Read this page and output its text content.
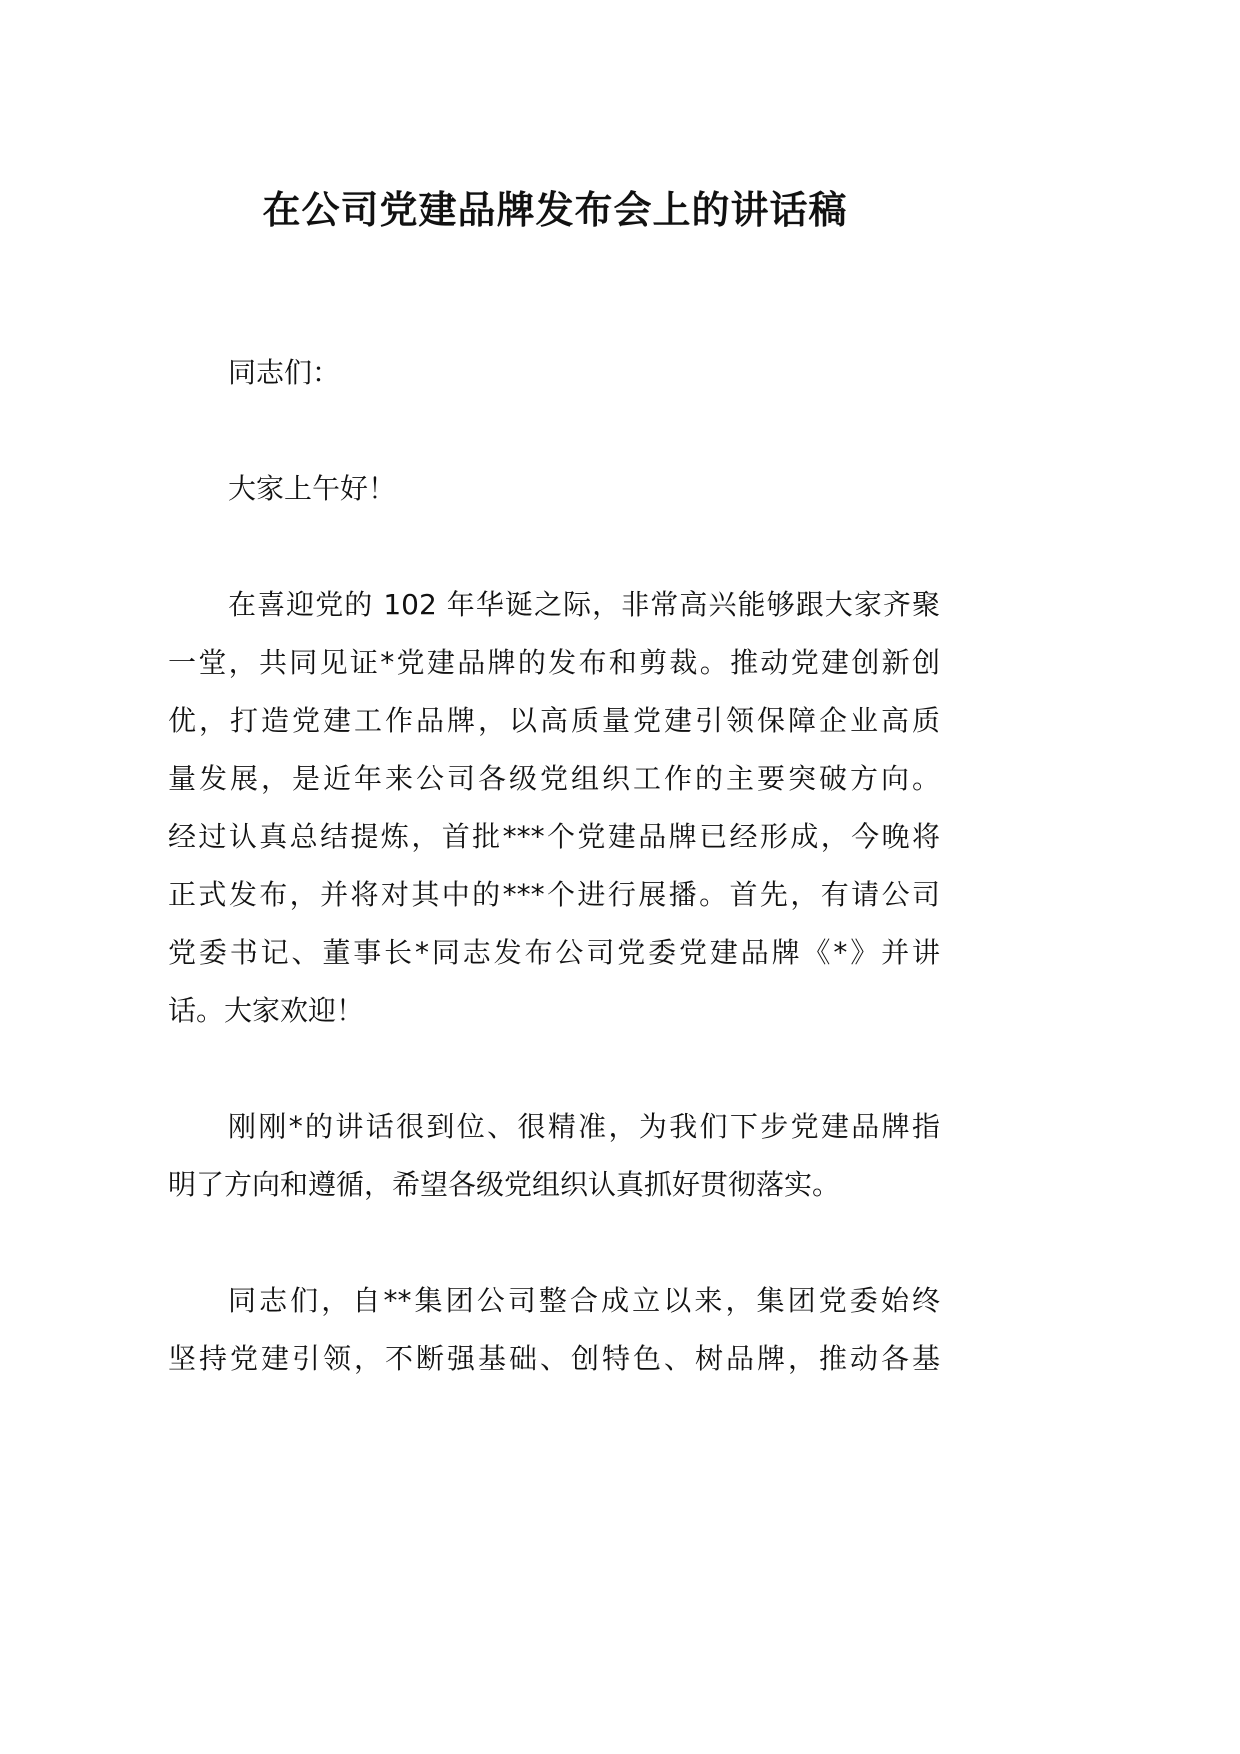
在公司党建品牌发布会上的讲话稿
同志们：
大家上午好！
在喜迎党的 102 年华诞之际，非常高兴能够跟大家齐聚
一堂，共同见证*党建品牌的发布和剪裁。推动党建创新创
优，打造党建工作品牌，以高质量党建引领保障企业高质
量发展，是近年来公司各级党组织工作的主要突破方向。
经过认真总结提炼，首批***个党建品牌已经形成，今晚将
正式发布，并将对其中的***个进行展播。首先，有请公司
党委书记、董事长*同志发布公司党委党建品牌《*》并讲
话。大家欢迎！
刚刚*的讲话很到位、很精准，为我们下步党建品牌指
明了方向和遵循，希望各级党组织认真抓好贯彻落实。
同志们，自**集团公司整合成立以来，集团党委始终
坚持党建引领，不断强基础、创特色、树品牌，推动各基
